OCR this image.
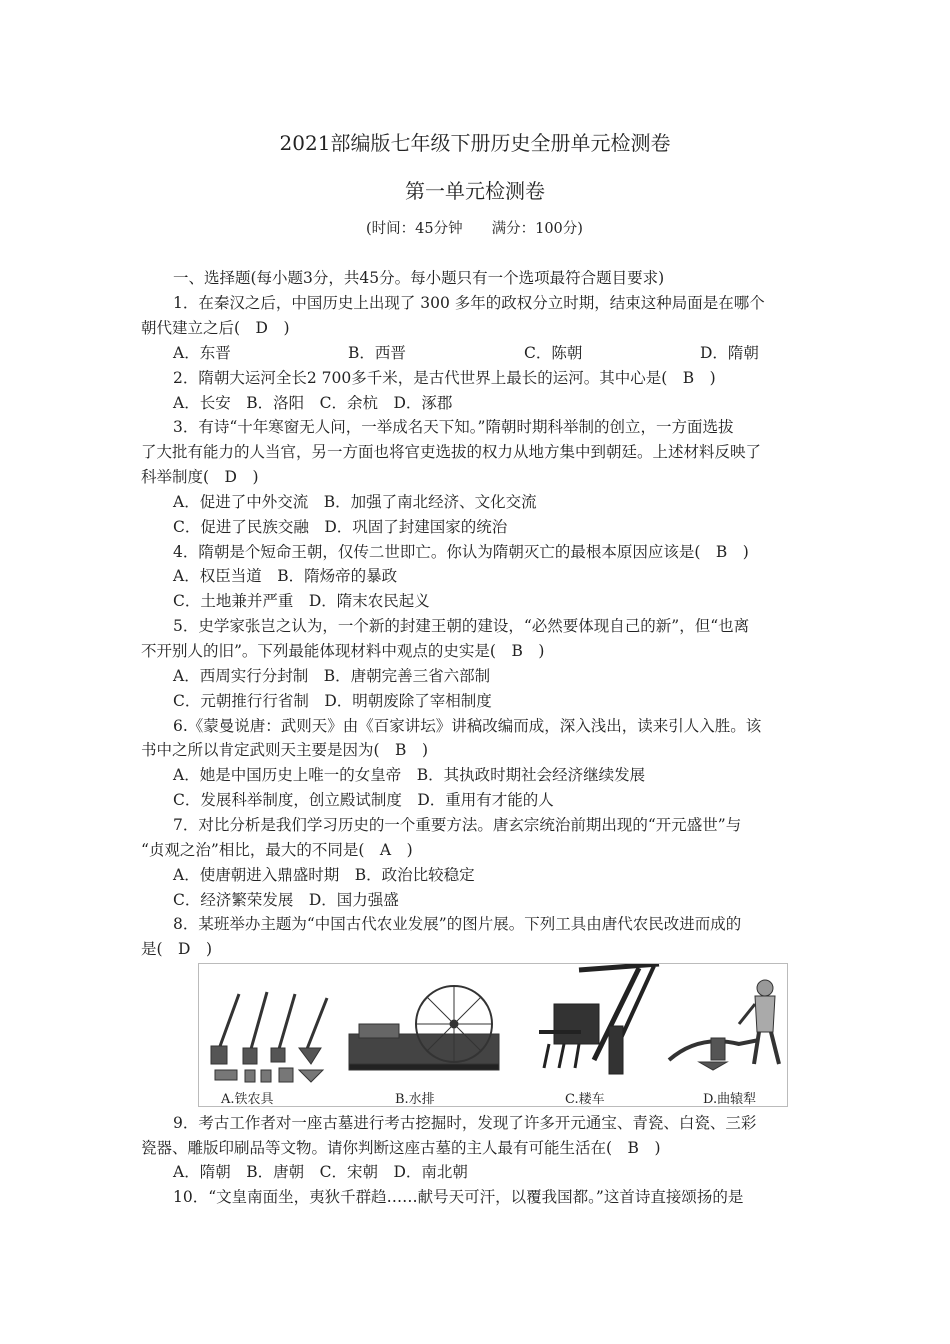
2021部编版七年级下册历史全册单元检测卷
第一单元检测卷
(时间：45分钟　　满分：100分)
一、选择题(每小题3分，共45分。每小题只有一个选项最符合题目要求)
1．在秦汉之后，中国历史上出现了 300 多年的政权分立时期，结束这种局面是在哪个
朝代建立之后(　D　)
A．东晋	B．西晋	C．陈朝	D．隋朝
2．隋朝大运河全长2 700多千米，是古代世界上最长的运河。其中心是(　B　)
A．长安　B．洛阳　C．余杭　D．涿郡
3．有诗“十年寒窗无人问，一举成名天下知。”隋朝时期科举制的创立，一方面选拔
了大批有能力的人当官，另一方面也将官吏选拔的权力从地方集中到朝廷。上述材料反映了
科举制度(　D　)
A．促进了中外交流　B．加强了南北经济、文化交流
C．促进了民族交融　D．巩固了封建国家的统治
4．隋朝是个短命王朝，仅传二世即亡。你认为隋朝灭亡的最根本原因应该是(　B　)
A．权臣当道　B．隋炀帝的暴政
C．土地兼并严重　D．隋末农民起义
5．史学家张岂之认为，一个新的封建王朝的建设，“必然要体现自己的新”，但“也离
不开别人的旧”。下列最能体现材料中观点的史实是(　B　)
A．西周实行分封制　B．唐朝完善三省六部制
C．元朝推行行省制　D．明朝废除了宰相制度
6.《蒙曼说唐：武则天》由《百家讲坛》讲稿改编而成，深入浅出，读来引人入胜。该
书中之所以肯定武则天主要是因为(　B　)
A．她是中国历史上唯一的女皇帝　B．其执政时期社会经济继续发展
C．发展科举制度，创立殿试制度　D．重用有才能的人
7．对比分析是我们学习历史的一个重要方法。唐玄宗统治前期出现的“开元盛世”与
“贞观之治”相比，最大的不同是(　A　)
A．使唐朝进入鼎盛时期　B．政治比较稳定
C．经济繁荣发展　D．国力强盛
8．某班举办主题为“中国古代农业发展”的图片展。下列工具由唐代农民改进而成的
是(　D　)
A.铁农具	B.水排	C.耧车	D.曲辕犁
9．考古工作者对一座古墓进行考古挖掘时，发现了许多开元通宝、青瓷、白瓷、三彩
瓷器、雕版印刷品等文物。请你判断这座古墓的主人最有可能生活在(　B　)
A．隋朝　B．唐朝　C．宋朝　D．南北朝
10．“文皇南面坐，夷狄千群趋……献号天可汗，以覆我国都。”这首诗直接颂扬的是
